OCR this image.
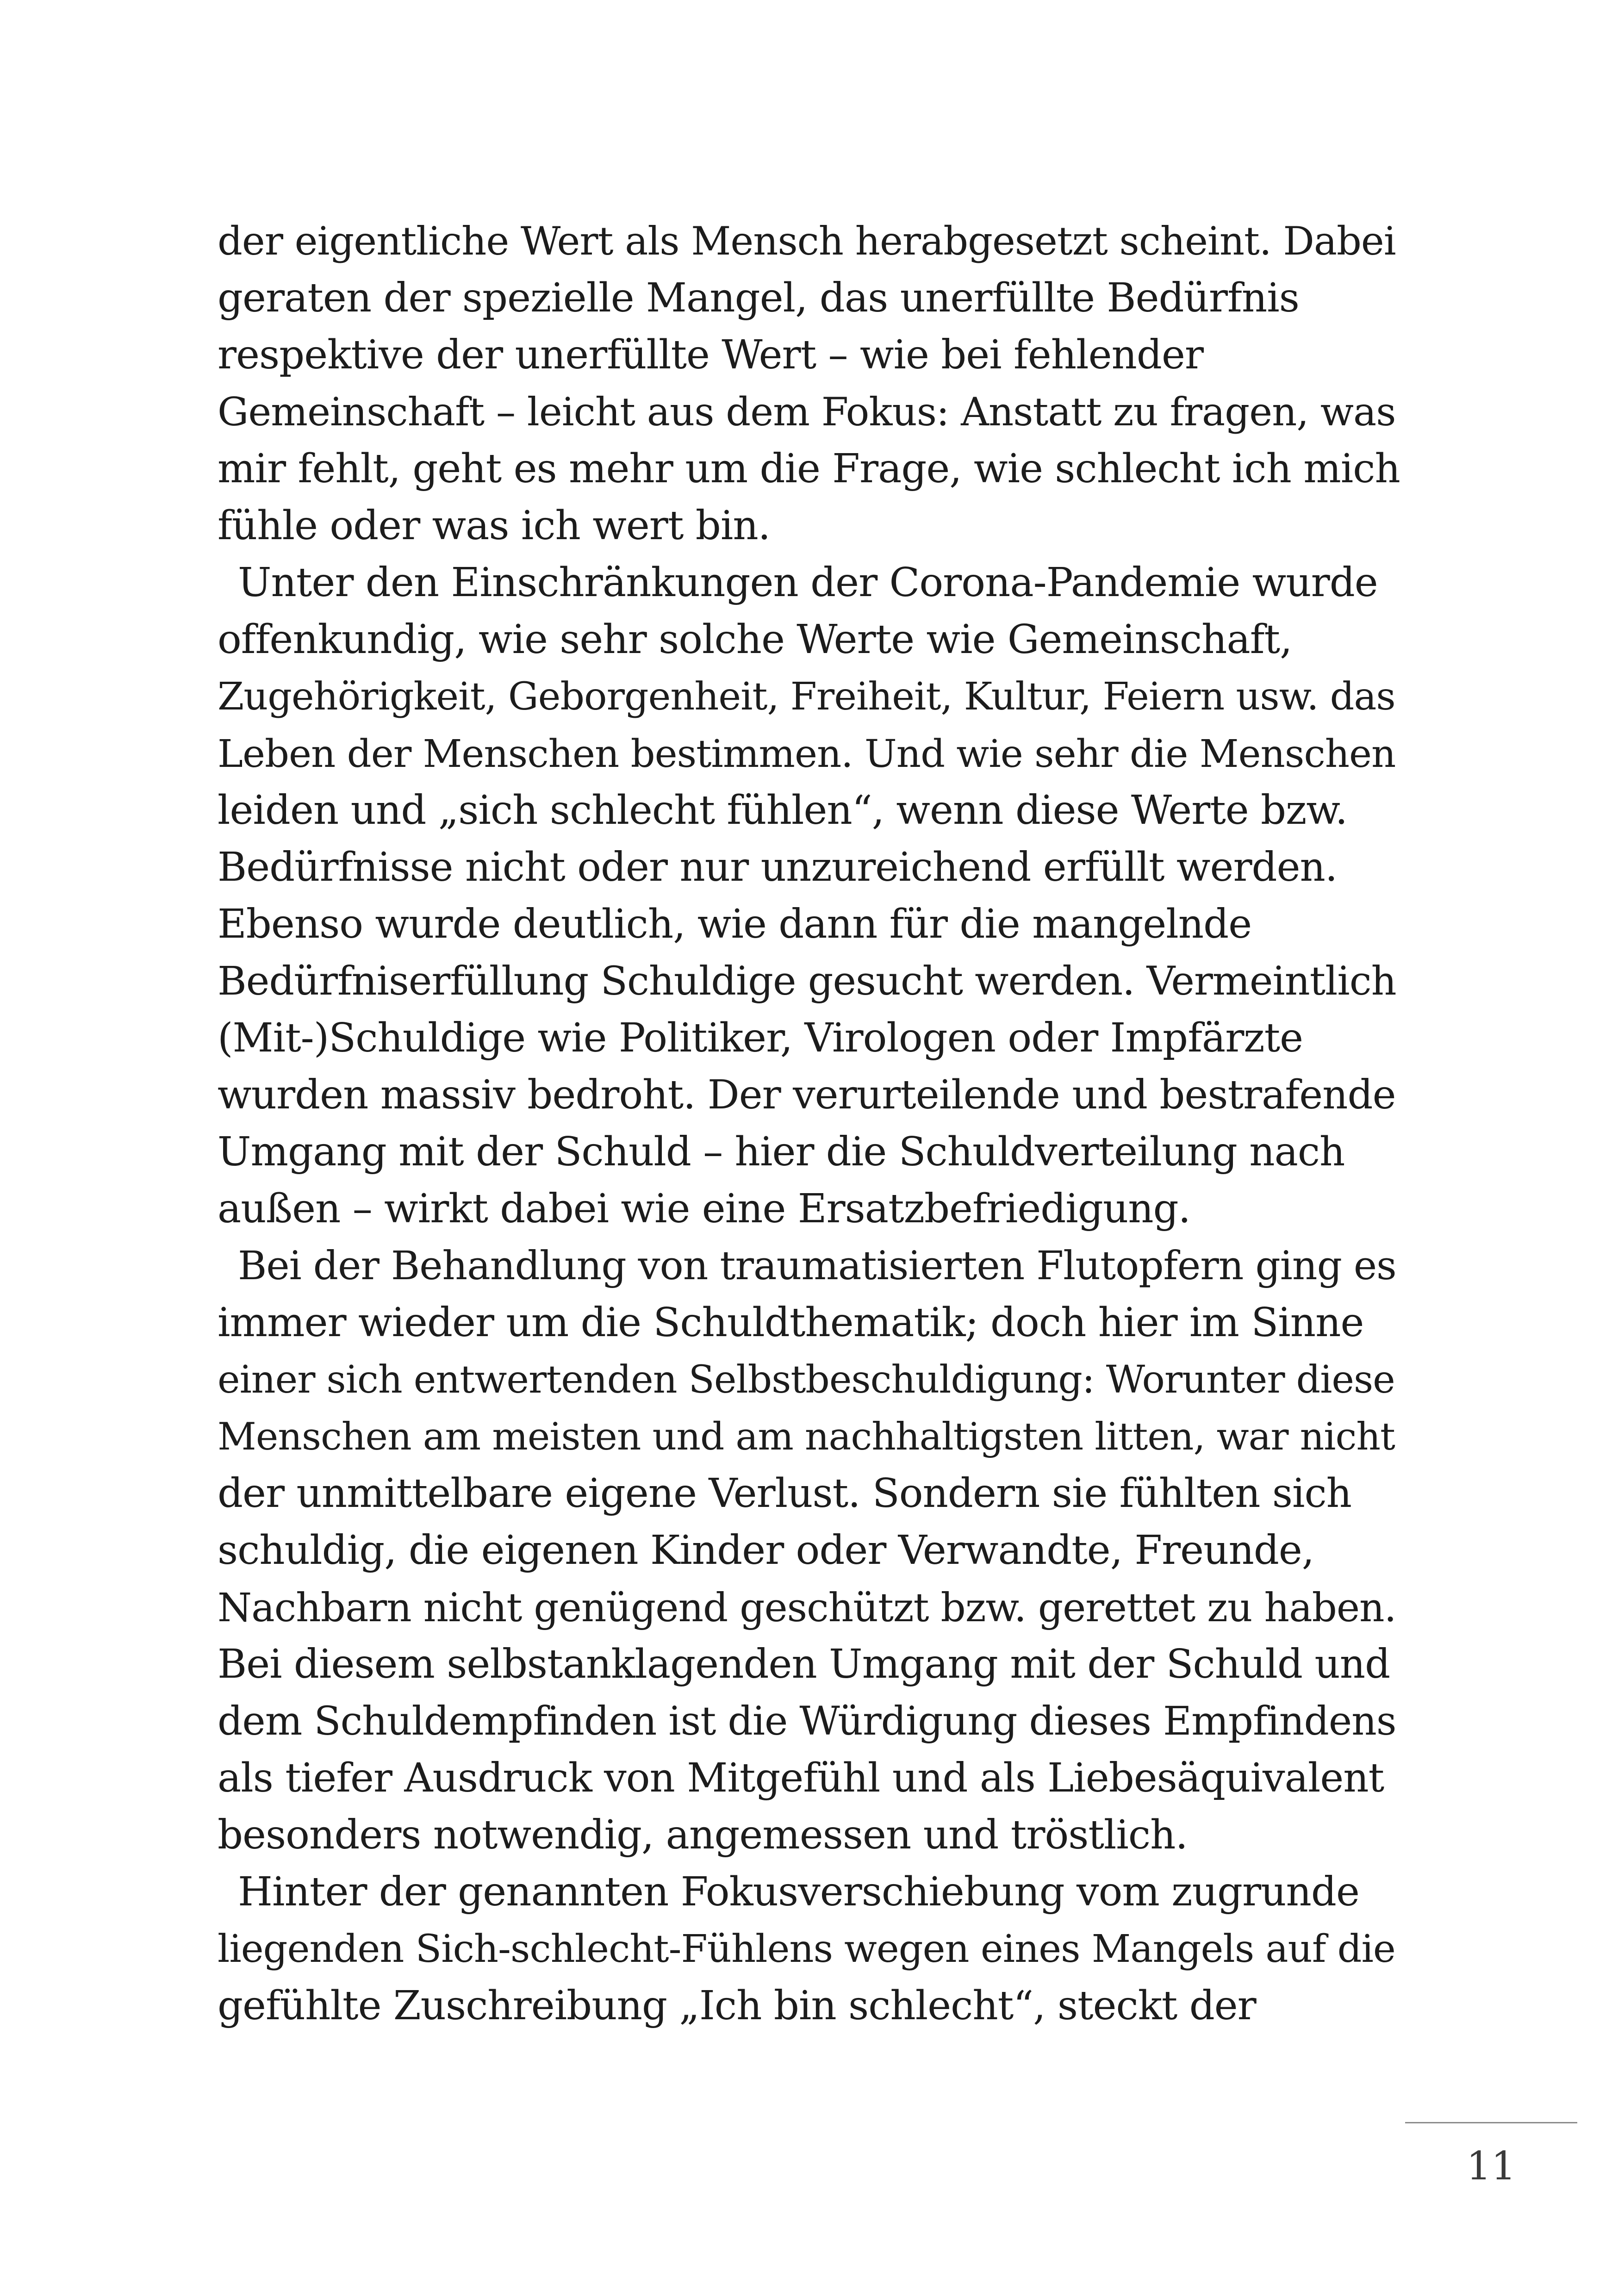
der eigentliche Wert als Mensch herabgesetzt scheint. Dabei
geraten der spezielle Mangel, das unerfüllte Bedürfnis
respektive der unerfüllte Wert – wie bei fehlender
Gemeinschaft – leicht aus dem Fokus: Anstatt zu fragen, was
mir fehlt, geht es mehr um die Frage, wie schlecht ich mich
fühle oder was ich wert bin.
Unter den Einschränkungen der Corona-Pandemie wurde
offenkundig, wie sehr solche Werte wie Gemeinschaft,
Zugehörigkeit, Geborgenheit, Freiheit, Kultur, Feiern usw. das
Leben der Menschen bestimmen. Und wie sehr die Menschen
leiden und „sich schlecht fühlen“, wenn diese Werte bzw.
Bedürfnisse nicht oder nur unzureichend erfüllt werden.
Ebenso wurde deutlich, wie dann für die mangelnde
Bedürfniserfüllung Schuldige gesucht werden. Vermeintlich
(Mit-)Schuldige wie Politiker, Virologen oder Impfärzte
wurden massiv bedroht. Der verurteilende und bestrafende
Umgang mit der Schuld – hier die Schuldverteilung nach
außen – wirkt dabei wie eine Ersatzbefriedigung.
Bei der Behandlung von traumatisierten Flutopfern ging es
immer wieder um die Schuldthematik; doch hier im Sinne
einer sich entwertenden Selbstbeschuldigung: Worunter diese
Menschen am meisten und am nachhaltigsten litten, war nicht
der unmittelbare eigene Verlust. Sondern sie fühlten sich
schuldig, die eigenen Kinder oder Verwandte, Freunde,
Nachbarn nicht genügend geschützt bzw. gerettet zu haben.
Bei diesem selbstanklagenden Umgang mit der Schuld und
dem Schuldempfinden ist die Würdigung dieses Empfindens
als tiefer Ausdruck von Mitgefühl und als Liebesäquivalent
besonders notwendig, angemessen und tröstlich.
Hinter der genannten Fokusverschiebung vom zugrunde
liegenden Sich-schlecht-Fühlens wegen eines Mangels auf die
gefühlte Zuschreibung „Ich bin schlecht“, steckt der
11
